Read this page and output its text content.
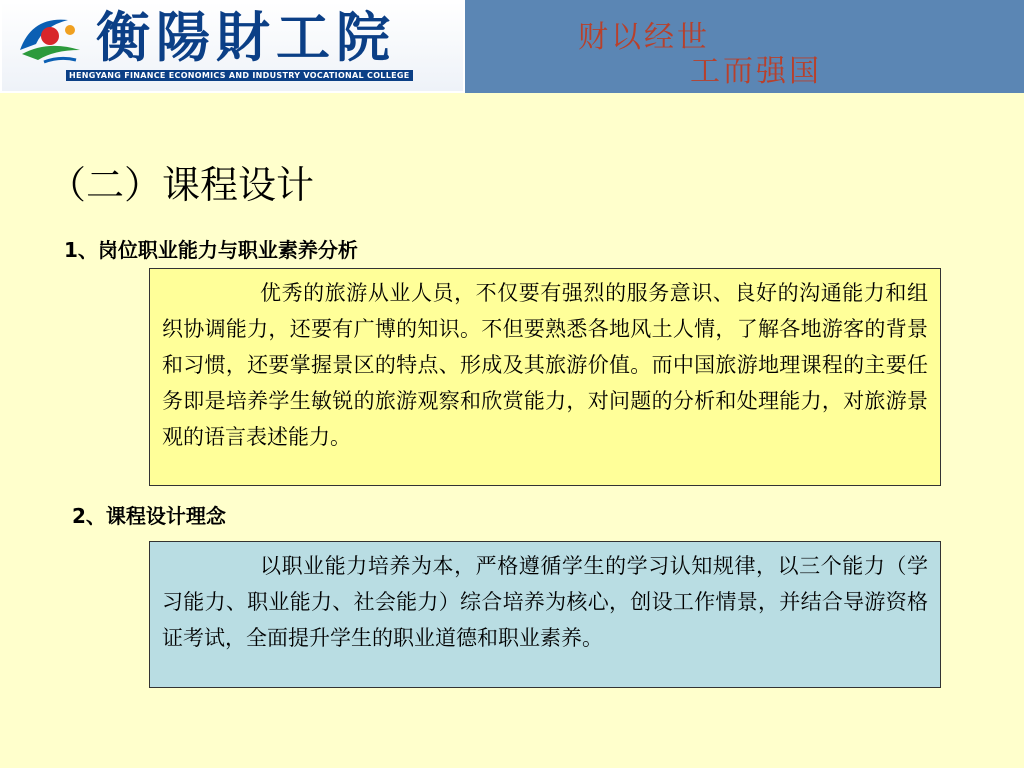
衡陽財工院
HENGYANG FINANCE ECONOMICS AND INDUSTRY VOCATIONAL COLLEGE
财以经世
工而强国
（二）课程设计
1、岗位职业能力与职业素养分析
优秀的旅游从业人员，不仅要有强烈的服务意识、良好的沟通能力和组织协调能力，还要有广博的知识。不但要熟悉各地风土人情，了解各地游客的背景和习惯，还要掌握景区的特点、形成及其旅游价值。而中国旅游地理课程的主要任务即是培养学生敏锐的旅游观察和欣赏能力，对问题的分析和处理能力，对旅游景观的语言表述能力。
2、课程设计理念
以职业能力培养为本，严格遵循学生的学习认知规律，以三个能力（学习能力、职业能力、社会能力）综合培养为核心，创设工作情景，并结合导游资格证考试，全面提升学生的职业道德和职业素养。
